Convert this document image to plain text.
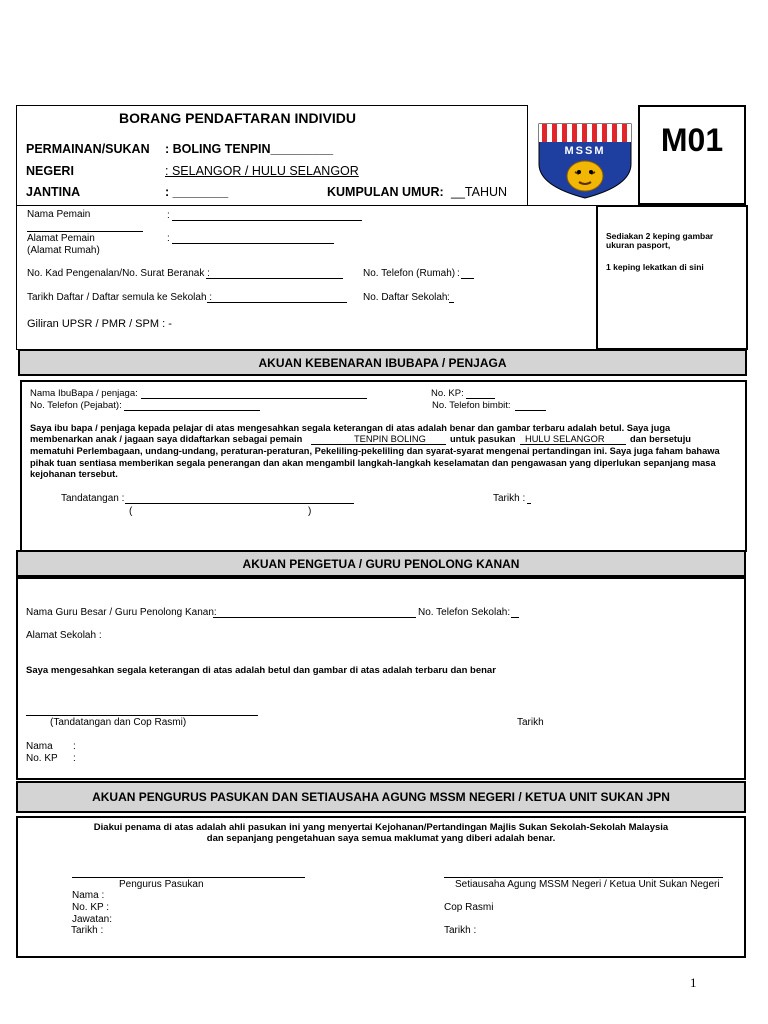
BORANG PENDAFTARAN INDIVIDU
PERMAINAN/SUKAN : BOLING TENPIN_________
NEGERI	: SELANGOR / HULU SELANGOR
JANTINA	: ________	KUMPULAN UMUR: __TAHUN
MSSM	M01
Sediakan 2 keping gambar
ukuran pasport,
1 keping lekatkan di sini
Nama Pemain	:
Alamat Pemain
(Alamat Rumah)
:
No. Kad Pengenalan/No. Surat Beranak :	No. Telefon (Rumah) :
Tarikh Daftar / Daftar semula ke Sekolah :	No. Daftar Sekolah :
Giliran UPSR / PMR / SPM : -
AKUAN KEBENARAN IBUBAPA / PENJAGA
Nama IbuBapa / penjaga:	No. KP:
No. Telefon (Pejabat):	No. Telefon bimbit:
Saya ibu bapa / penjaga kepada pelajar di atas mengesahkan segala keterangan di atas adalah benar dan gambar terbaru adalah betul. Saya juga
membenarkan anak / jagaan saya didaftarkan sebagai pemain	TENPIN BOLING	untuk pasukan HULU SELANGOR	dan bersetuju
mematuhi Perlembagaan, undang-undang, peraturan-peraturan, Pekeliling-pekeliling dan syarat-syarat mengenai pertandingan ini. Saya juga faham bahawa
pihak tuan sentiasa memberikan segala penerangan dan akan mengambil langkah-langkah keselamatan dan pengawasan yang diperlukan sepanjang masa
kejohanan tersebut.
Tandatangan :	Tarikh :
(	)
AKUAN PENGETUA / GURU PENOLONG KANAN
Nama Guru Besar / Guru Penolong Kanan:	No. Telefon Sekolah:
Alamat Sekolah :
Saya mengesahkan segala keterangan di atas adalah betul dan gambar di atas adalah terbaru dan benar
(Tandatangan dan Cop Rasmi)	Tarikh
Nama :
No. KP :
AKUAN PENGURUS PASUKAN DAN SETIAUSAHA AGUNG MSSM NEGERI / KETUA UNIT SUKAN JPN
Diakui penama di atas adalah ahli pasukan ini yang menyertai Kejohanan/Pertandingan Majlis Sukan Sekolah-Sekolah Malaysia
dan sepanjang pengetahuan saya semua maklumat yang diberi adalah benar.
Pengurus Pasukan	Setiausaha Agung MSSM Negeri / Ketua Unit Sukan Negeri
Nama :
No. KP :
Jawatan:
Tarikh :
Cop Rasmi
Tarikh :
1
